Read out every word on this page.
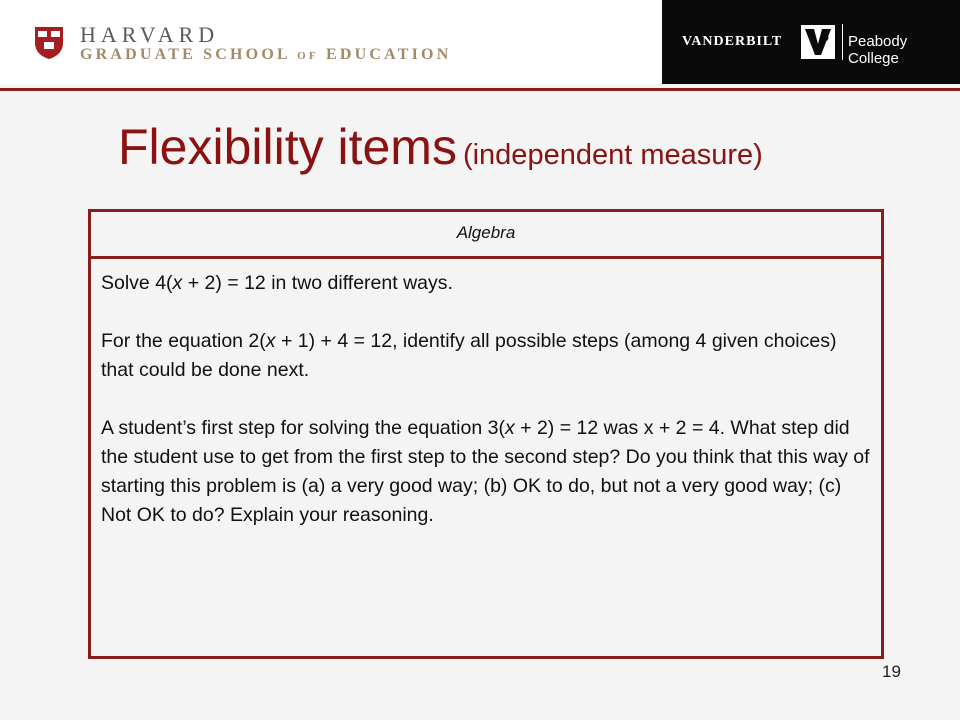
HARVARD
GRADUATE SCHOOL OF EDUCATION
VANDERBILT	Peabody College
Flexibility items (independent measure)
Algebra

Solve 4(x + 2) = 12 in two different ways.

For the equation 2(x + 1) + 4 = 12, identify all possible steps (among 4 given choices) that could be done next.

A student’s first step for solving the equation 3(x + 2) = 12 was x + 2 = 4. What step did the student use to get from the first step to the second step? Do you think that this way of starting this problem is (a) a very good way; (b) OK to do, but not a very good way; (c) Not OK to do? Explain your reasoning.

19
